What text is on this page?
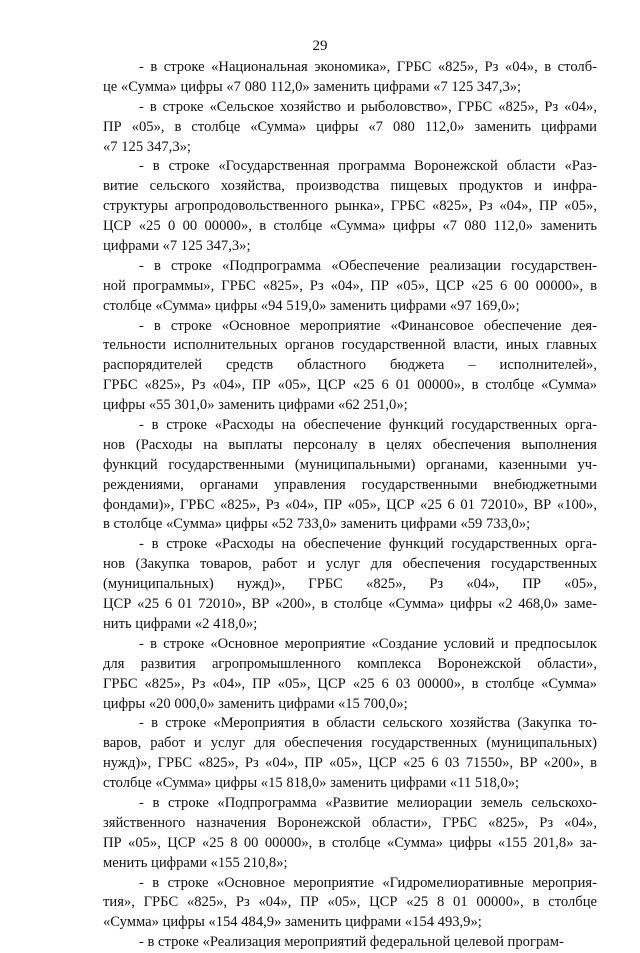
29
- в строке «Национальная экономика», ГРБС «825», Рз «04», в столб-
це «Сумма» цифры «7 080 112,0» заменить цифрами «7 125 347,3»;
- в строке «Сельское хозяйство и рыболовство», ГРБС «825», Рз «04»,
ПР «05», в столбце «Сумма» цифры «7 080 112,0» заменить цифрами
«7 125 347,3»;
- в строке «Государственная программа Воронежской области «Раз-
витие сельского хозяйства, производства пищевых продуктов и инфра-
структуры агропродовольственного рынка», ГРБС «825», Рз «04», ПР «05»,
ЦСР «25 0 00 00000», в столбце «Сумма» цифры «7 080 112,0» заменить
цифрами «7 125 347,3»;
- в строке «Подпрограмма «Обеспечение реализации государствен-
ной программы», ГРБС «825», Рз «04», ПР «05», ЦСР «25 6 00 00000», в
столбце «Сумма» цифры «94 519,0» заменить цифрами «97 169,0»;
- в строке «Основное мероприятие «Финансовое обеспечение дея-
тельности исполнительных органов государственной власти, иных главных
распорядителей средств областного бюджета – исполнителей»,
ГРБС «825», Рз «04», ПР «05», ЦСР «25 6 01 00000», в столбце «Сумма»
цифры «55 301,0» заменить цифрами «62 251,0»;
- в строке «Расходы на обеспечение функций государственных орга-
нов (Расходы на выплаты персоналу в целях обеспечения выполнения
функций государственными (муниципальными) органами, казенными уч-
реждениями, органами управления государственными внебюджетными
фондами)», ГРБС «825», Рз «04», ПР «05», ЦСР «25 6 01 72010», ВР «100»,
в столбце «Сумма» цифры «52 733,0» заменить цифрами «59 733,0»;
- в строке «Расходы на обеспечение функций государственных орга-
нов (Закупка товаров, работ и услуг для обеспечения государственных
(муниципальных) нужд)», ГРБС «825», Рз «04», ПР «05»,
ЦСР «25 6 01 72010», ВР «200», в столбце «Сумма» цифры «2 468,0» заме-
нить цифрами «2 418,0»;
- в строке «Основное мероприятие «Создание условий и предпосылок
для развития агропромышленного комплекса Воронежской области»,
ГРБС «825», Рз «04», ПР «05», ЦСР «25 6 03 00000», в столбце «Сумма»
цифры «20 000,0» заменить цифрами «15 700,0»;
- в строке «Мероприятия в области сельского хозяйства (Закупка то-
варов, работ и услуг для обеспечения государственных (муниципальных)
нужд)», ГРБС «825», Рз «04», ПР «05», ЦСР «25 6 03 71550», ВР «200», в
столбце «Сумма» цифры «15 818,0» заменить цифрами «11 518,0»;
- в строке «Подпрограмма «Развитие мелиорации земель сельскохо-
зяйственного назначения Воронежской области», ГРБС «825», Рз «04»,
ПР «05», ЦСР «25 8 00 00000», в столбце «Сумма» цифры «155 201,8» за-
менить цифрами «155 210,8»;
- в строке «Основное мероприятие «Гидромелиоративные мероприя-
тия», ГРБС «825», Рз «04», ПР «05», ЦСР «25 8 01 00000», в столбце
«Сумма» цифры «154 484,9» заменить цифрами «154 493,9»;
- в строке «Реализация мероприятий федеральной целевой програм-
